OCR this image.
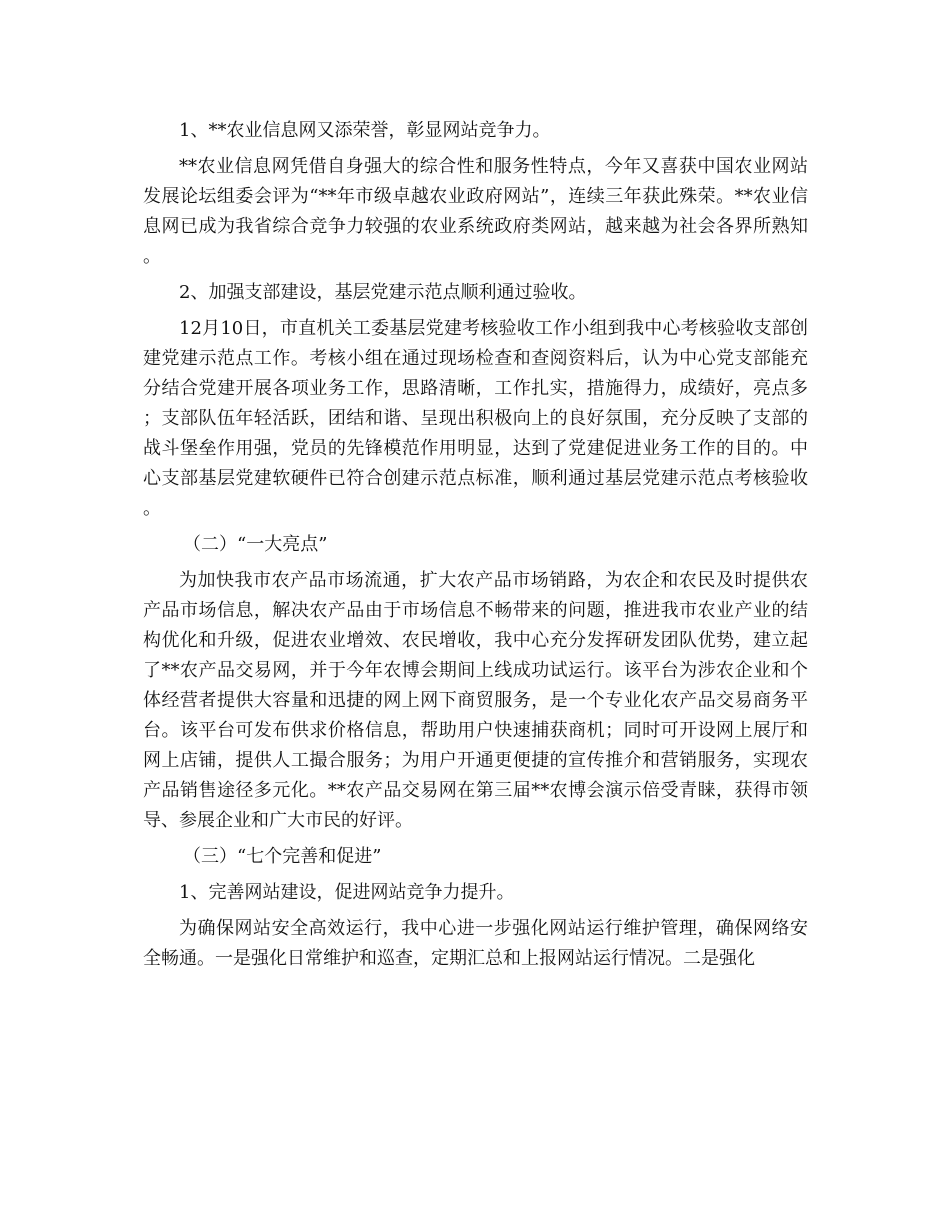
1、**农业信息网又添荣誉，彰显网站竞争力。

**农业信息网凭借自身强大的综合性和服务性特点，今年又喜获中国农业网站发展论坛组委会评为“**年市级卓越农业政府网站”，连续三年获此殊荣。**农业信息网已成为我省综合竞争力较强的农业系统政府类网站，越来越为社会各界所熟知。

2、加强支部建设，基层党建示范点顺利通过验收。

12月10日，市直机关工委基层党建考核验收工作小组到我中心考核验收支部创建党建示范点工作。考核小组在通过现场检查和查阅资料后，认为中心党支部能充分结合党建开展各项业务工作，思路清晰，工作扎实，措施得力，成绩好，亮点多；支部队伍年轻活跃，团结和谐、呈现出积极向上的良好氛围，充分反映了支部的战斗堡垒作用强，党员的先锋模范作用明显，达到了党建促进业务工作的目的。中心支部基层党建软硬件已符合创建示范点标准，顺利通过基层党建示范点考核验收。

（二）“一大亮点”

为加快我市农产品市场流通，扩大农产品市场销路，为农企和农民及时提供农产品市场信息，解决农产品由于市场信息不畅带来的问题，推进我市农业产业的结构优化和升级，促进农业增效、农民增收，我中心充分发挥研发团队优势，建立起了**农产品交易网，并于今年农博会期间上线成功试运行。该平台为涉农企业和个体经营者提供大容量和迅捷的网上网下商贸服务，是一个专业化农产品交易商务平台。该平台可发布供求价格信息，帮助用户快速捕获商机；同时可开设网上展厅和网上店铺，提供人工撮合服务；为用户开通更便捷的宣传推介和营销服务，实现农产品销售途径多元化。**农产品交易网在第三届**农博会演示倍受青睐，获得市领导、参展企业和广大市民的好评。

（三）“七个完善和促进”

1、完善网站建设，促进网站竞争力提升。

为确保网站安全高效运行，我中心进一步强化网站运行维护管理，确保网络安全畅通。一是强化日常维护和巡查，定期汇总和上报网站运行情况。二是强化
